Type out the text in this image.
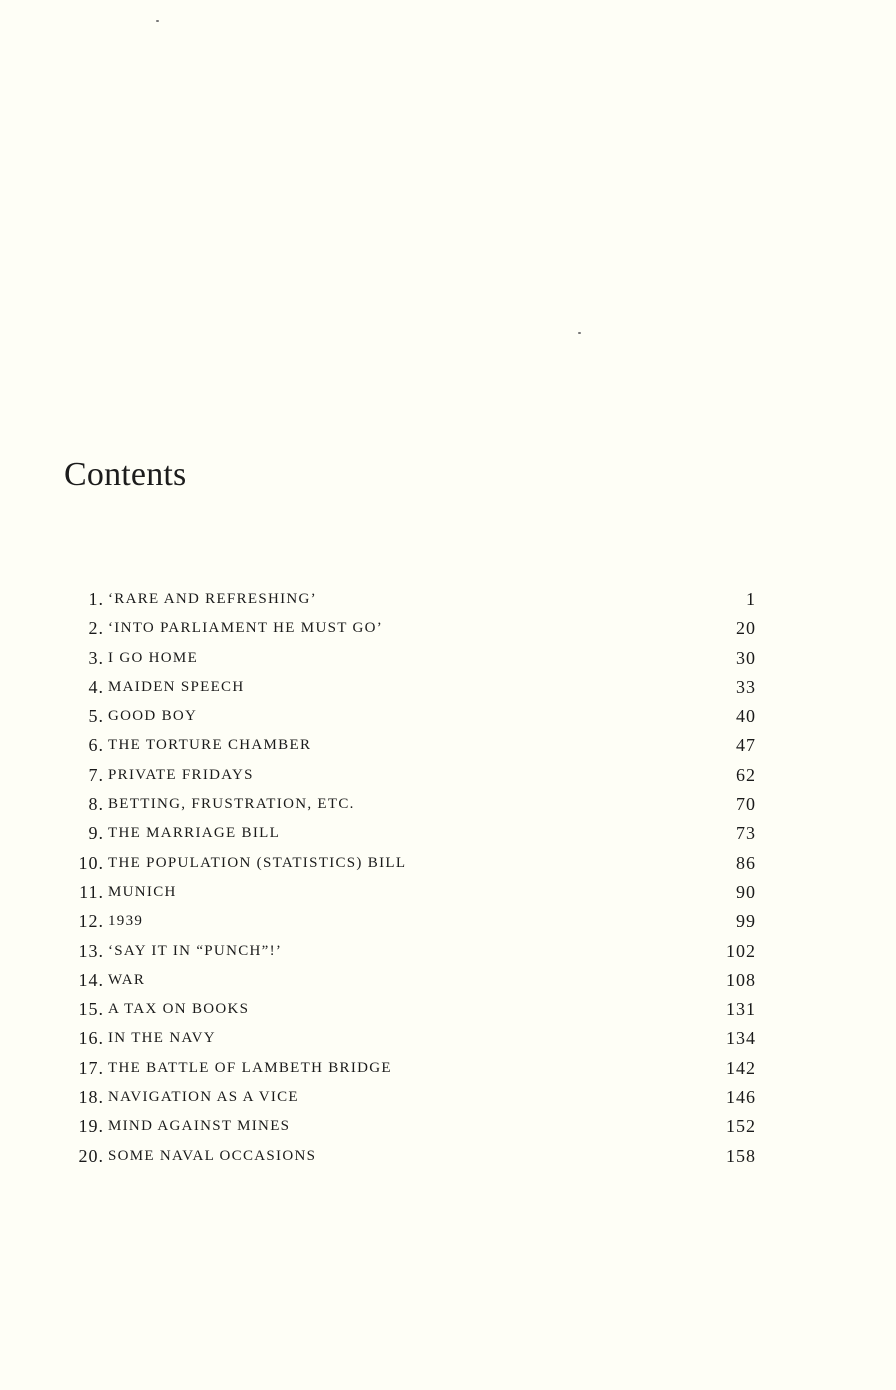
Contents
1. ‘RARE AND REFRESHING’	1
2. ‘INTO PARLIAMENT HE MUST GO’	20
3. I GO HOME	30
4. MAIDEN SPEECH	33
5. GOOD BOY	40
6. THE TORTURE CHAMBER	47
7. PRIVATE FRIDAYS	62
8. BETTING, FRUSTRATION, ETC.	70
9. THE MARRIAGE BILL	73
10. THE POPULATION (STATISTICS) BILL	86
11. MUNICH	90
12. 1939	99
13. ‘SAY IT IN “PUNCH”!’	102
14. WAR	108
15. A TAX ON BOOKS	131
16. IN THE NAVY	134
17. THE BATTLE OF LAMBETH BRIDGE	142
18. NAVIGATION AS A VICE	146
19. MIND AGAINST MINES	152
20. SOME NAVAL OCCASIONS	158
